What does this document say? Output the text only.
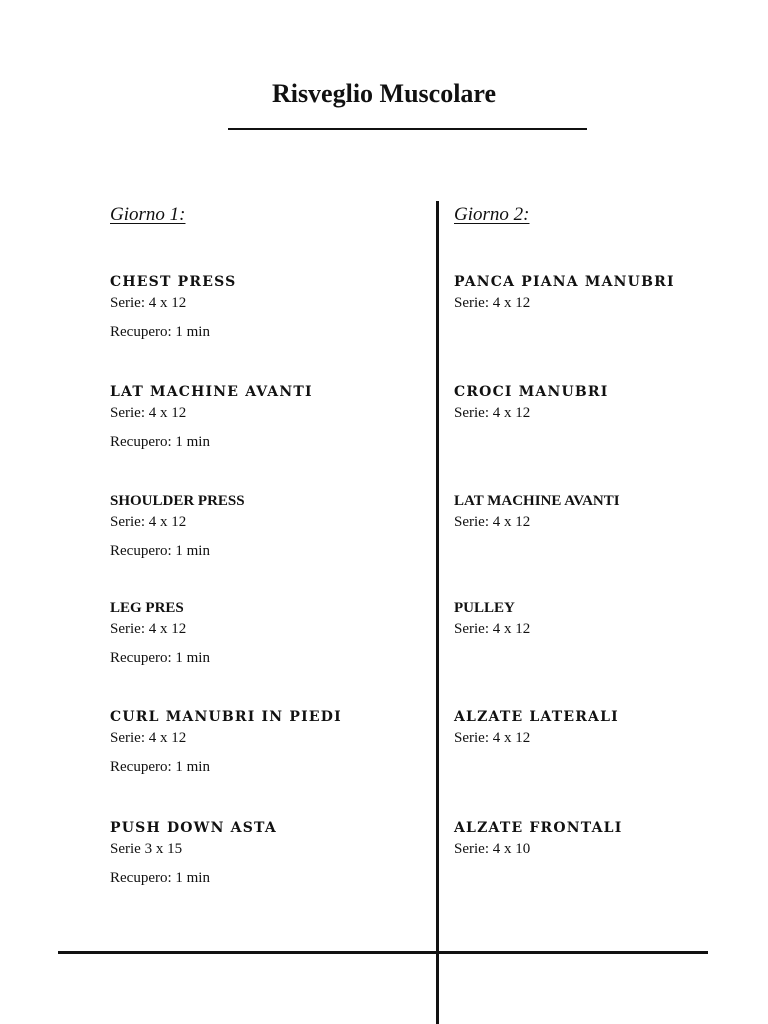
Risveglio Muscolare
Giorno 1:
CHEST PRESS
Serie: 4 x 12
Recupero: 1 min
LAT MACHINE AVANTI
Serie: 4 x 12
Recupero: 1 min
SHOULDER PRESS
Serie: 4 x 12
Recupero: 1 min
LEG PRES
Serie: 4 x 12
Recupero: 1 min
CURL MANUBRI IN PIEDI
Serie: 4 x 12
Recupero: 1 min
PUSH DOWN ASTA
Serie 3 x 15
Recupero: 1 min
Giorno 2:
PANCA PIANA MANUBRI
Serie: 4 x 12
CROCI MANUBRI
Serie: 4 x 12
LAT MACHINE AVANTI
Serie: 4 x 12
PULLEY
Serie: 4 x 12
ALZATE LATERALI
Serie: 4 x 12
ALZATE FRONTALI
Serie: 4 x 10
